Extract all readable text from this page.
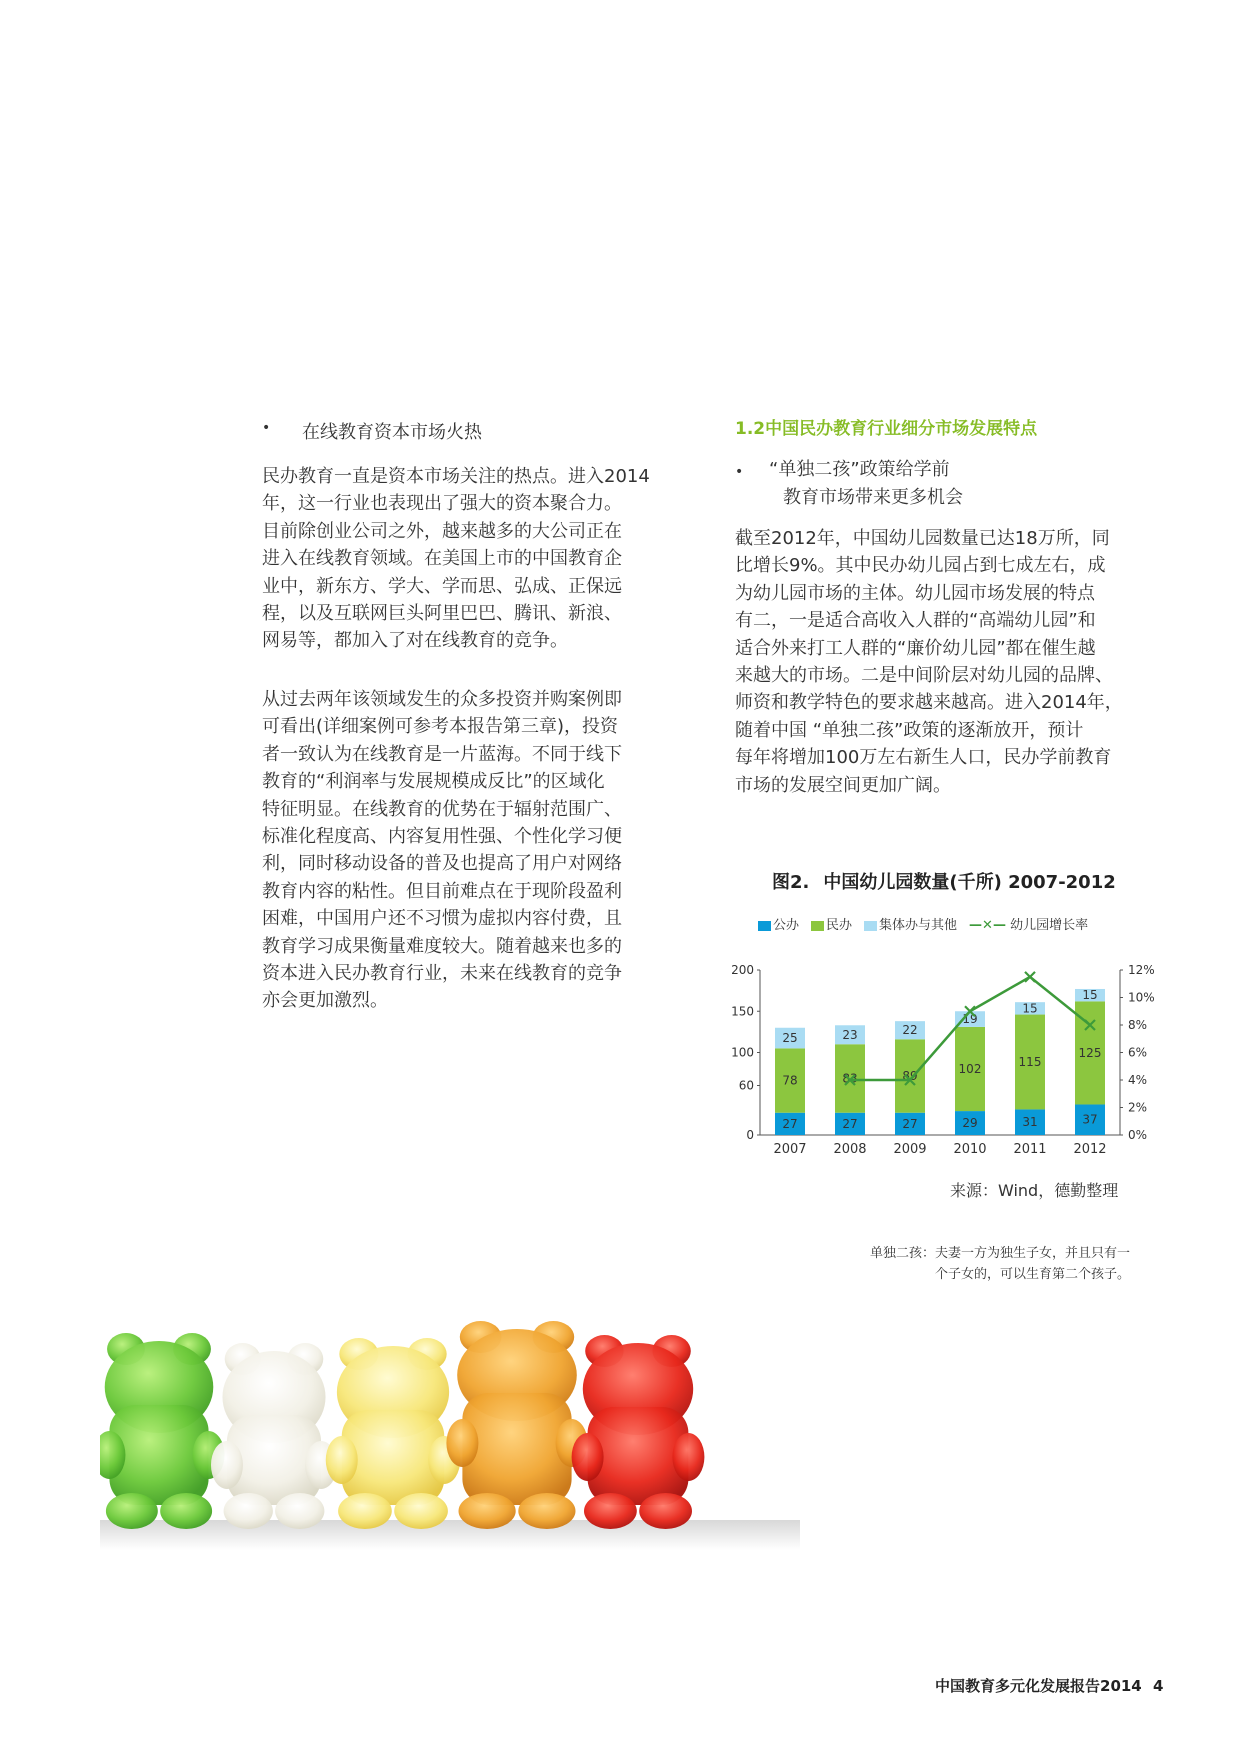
• 在线教育资本市场火热

民办教育一直是资本市场关注的热点。进入2014

年，这一行业也表现出了强大的资本聚合力。

目前除创业公司之外，越来越多的大公司正在

进入在线教育领域。在美国上市的中国教育企

业中，新东方、学大、学而思、弘成、正保远

程，以及互联网巨头阿里巴巴、腾讯、新浪、

网易等，都加入了对在线教育的竞争。

从过去两年该领域发生的众多投资并购案例即

可看出(详细案例可参考本报告第三章)，投资

者一致认为在线教育是一片蓝海。不同于线下

教育的“利润率与发展规模成反比”的区域化

特征明显。在线教育的优势在于辐射范围广、

标准化程度高、内容复用性强、个性化学习便

利，同时移动设备的普及也提高了用户对网络

教育内容的粘性。但目前难点在于现阶段盈利

困难，中国用户还不习惯为虚拟内容付费，且

教育学习成果衡量难度较大。随着越来也多的

资本进入民办教育行业，未来在线教育的竞争

亦会更加激烈。

1.2中国民办教育行业细分市场发展特点
• “单独二孩”政策给学前
教育市场带来更多机会

截至2012年，中国幼儿园数量已达18万所，同

比增长9%。其中民办幼儿园占到七成左右，成

为幼儿园市场的主体。幼儿园市场发展的特点

有二，一是适合高收入人群的“高端幼儿园”和

适合外来打工人群的“廉价幼儿园”都在催生越

来越大的市场。二是中间阶层对幼儿园的品牌、

师资和教学特色的要求越来越高。进入2014年，

随着中国 “单独二孩”政策的逐渐放开，预计

每年将增加100万左右新生人口，民办学前教育

市场的发展空间更加广阔。

图2. 中国幼儿园数量(千所) 2007-2012
公办	民办	集体办与其他 —✕— 幼儿园增长率
0
60
100
150
200
0%
2%
4%
6%
8%
10%
12%
27
78
25
2007
27
83
23
2008
27
89
22
2009
29
102
19
2010
31
115
15
2011
37
125
15
2012
来源：Wind，德勤整理

单独二孩：夫妻一方为独生子女，并且只有一

个子女的，可以生育第二个孩子。

中国教育多元化发展报告2014 4
